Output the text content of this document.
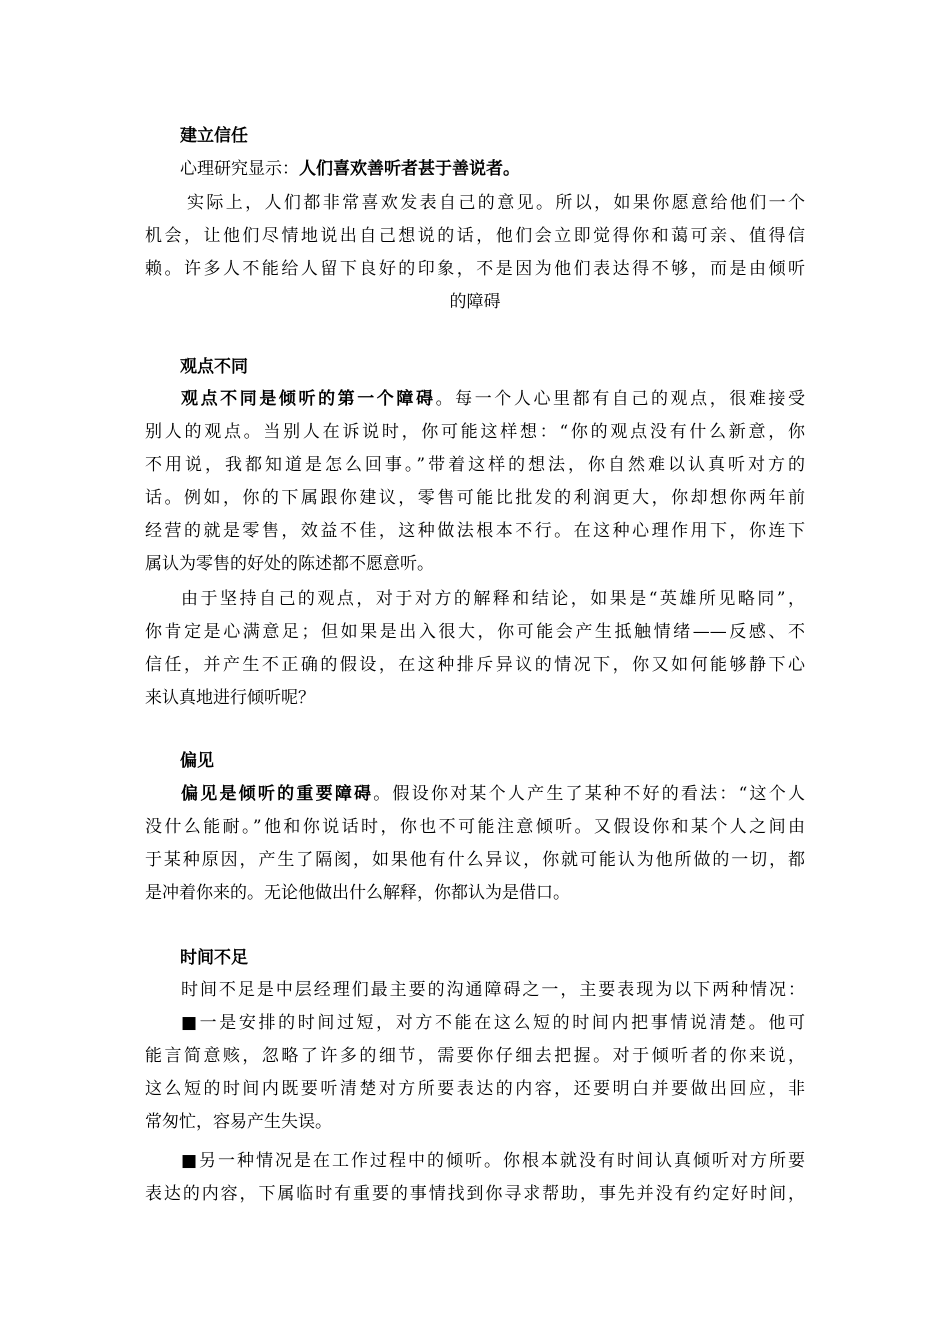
建立信任
心理研究显示：人们喜欢善听者甚于善说者。
实际上，人们都非常喜欢发表自己的意见。所以，如果你愿意给他们一个
机会，让他们尽情地说出自己想说的话，他们会立即觉得你和蔼可亲、值得信
赖。许多人不能给人留下良好的印象，不是因为他们表达得不够，而是由倾听
的障碍
观点不同
观点不同是倾听的第一个障碍。每一个人心里都有自己的观点，很难接受
别人的观点。当别人在诉说时，你可能这样想：“你的观点没有什么新意，你
不用说，我都知道是怎么回事。”带着这样的想法，你自然难以认真听对方的
话。例如，你的下属跟你建议，零售可能比批发的利润更大，你却想你两年前
经营的就是零售，效益不佳，这种做法根本不行。在这种心理作用下，你连下
属认为零售的好处的陈述都不愿意听。
由于坚持自己的观点，对于对方的解释和结论，如果是“英雄所见略同”，
你肯定是心满意足；但如果是出入很大，你可能会产生抵触情绪——反感、不
信任，并产生不正确的假设，在这种排斥异议的情况下，你又如何能够静下心
来认真地进行倾听呢？
偏见
偏见是倾听的重要障碍。假设你对某个人产生了某种不好的看法：“这个人
没什么能耐。”他和你说话时，你也不可能注意倾听。又假设你和某个人之间由
于某种原因，产生了隔阂，如果他有什么异议，你就可能认为他所做的一切，都
是冲着你来的。无论他做出什么解释，你都认为是借口。
时间不足
时间不足是中层经理们最主要的沟通障碍之一，主要表现为以下两种情况：
■一是安排的时间过短，对方不能在这么短的时间内把事情说清楚。他可
能言简意赅，忽略了许多的细节，需要你仔细去把握。对于倾听者的你来说，
这么短的时间内既要听清楚对方所要表达的内容，还要明白并要做出回应，非
常匆忙，容易产生失误。
■另一种情况是在工作过程中的倾听。你根本就没有时间认真倾听对方所要
表达的内容，下属临时有重要的事情找到你寻求帮助，事先并没有约定好时间，
